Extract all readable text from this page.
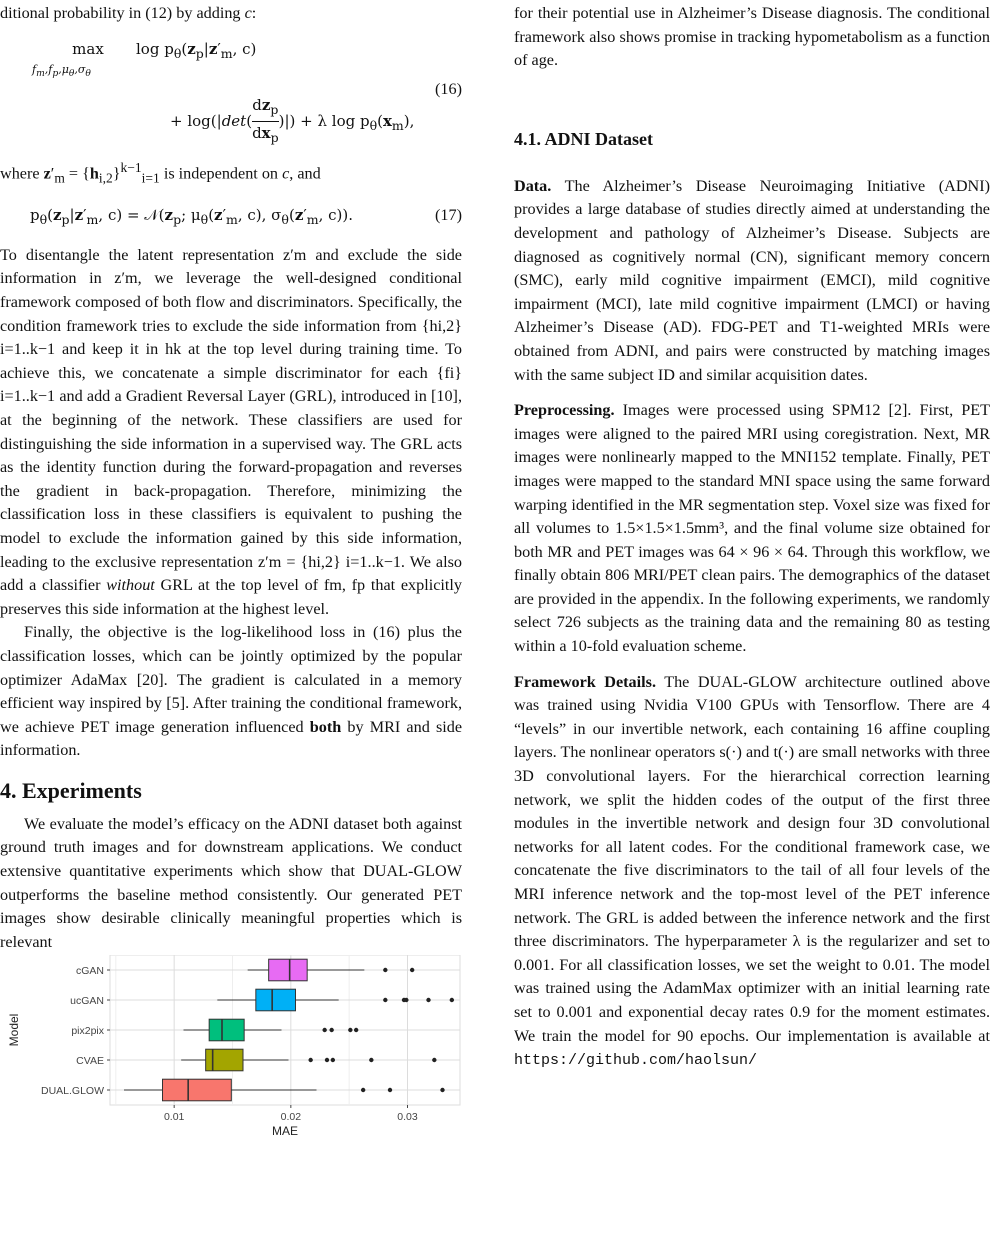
ditional probability in (12) by adding c:

max
$f_m,f_p,\mu_\theta,\sigma_\theta$
$\log p_\theta(z_p|z'_m$, c)
+ log(|det(
$dz_p$
$dx_p$
)|) + λ $\log p_\theta(x_m)$,
(16)

where $z'_m = \{h_{i,2}\}^{k-1}_{i=1}$ is independent on c, and

$p_\theta(z_p|z'_m$, $c) = 𝒩(z_p$; $\mu_\theta(z'_m$, c), $\sigma_\theta(z'_m$, c)).	(17)

To disentangle the latent representation z′m and exclude the side information in z′m, we leverage the well-designed conditional framework composed of both flow and discriminators. Specifically, the condition framework tries to exclude the side information from {hi,2} i=1..k−1 and keep it in hk at the top level during training time. To achieve this, we concatenate a simple discriminator for each {fi} i=1..k−1 and add a Gradient Reversal Layer (GRL), introduced in [10], at the beginning of the network. These classifiers are used for distinguishing the side information in a supervised way. The GRL acts as the identity function during the forward-propagation and reverses the gradient in back-propagation. Therefore, minimizing the classification loss in these classifiers is equivalent to pushing the model to exclude the information gained by this side information, leading to the exclusive representation z′m = {hi,2} i=1..k−1. We also add a classifier without GRL at the top level of fm, fp that explicitly preserves this side information at the highest level.

Finally, the objective is the log-likelihood loss in (16) plus the classification losses, which can be jointly optimized by the popular optimizer AdaMax [20]. The gradient is calculated in a memory efficient way inspired by [5]. After training the conditional framework, we achieve PET image generation influenced both by MRI and side information.

4. Experiments

We evaluate the model’s efficacy on the ADNI dataset both against ground truth images and for downstream applications. We conduct extensive quantitative experiments which show that DUAL-GLOW outperforms the baseline method consistently. Our generated PET images show desirable clinically meaningful properties which is relevant

cGAN
ucGAN
pix2pix
CVAE
DUAL.GLOW
0.01	0.02	0.03
MAE
Model

for their potential use in Alzheimer’s Disease diagnosis. The conditional framework also shows promise in tracking hypometabolism as a function of age.

4.1. ADNI Dataset

Data. The Alzheimer’s Disease Neuroimaging Initiative (ADNI) provides a large database of studies directly aimed at understanding the development and pathology of Alzheimer’s Disease. Subjects are diagnosed as cognitively normal (CN), significant memory concern (SMC), early mild cognitive impairment (EMCI), mild cognitive impairment (MCI), late mild cognitive impairment (LMCI) or having Alzheimer’s Disease (AD). FDG-PET and T1-weighted MRIs were obtained from ADNI, and pairs were constructed by matching images with the same subject ID and similar acquisition dates.

Preprocessing. Images were processed using SPM12 [2]. First, PET images were aligned to the paired MRI using coregistration. Next, MR images were nonlinearly mapped to the MNI152 template. Finally, PET images were mapped to the standard MNI space using the same forward warping identified in the MR segmentation step. Voxel size was fixed for all volumes to 1.5×1.5×1.5mm³, and the final volume size obtained for both MR and PET images was 64 × 96 × 64. Through this workflow, we finally obtain 806 MRI/PET clean pairs. The demographics of the dataset are provided in the appendix. In the following experiments, we randomly select 726 subjects as the training data and the remaining 80 as testing within a 10-fold evaluation scheme.

Framework Details. The DUAL-GLOW architecture outlined above was trained using Nvidia V100 GPUs with Tensorflow. There are 4 “levels” in our invertible network, each containing 16 affine coupling layers. The nonlinear operators s(·) and t(·) are small networks with three 3D convolutional layers. For the hierarchical correction learning network, we split the hidden codes of the output of the first three modules in the invertible network and design four 3D convolutional networks for all latent codes. For the conditional framework case, we concatenate the five discriminators to the tail of all four levels of the MRI inference network and the top-most level of the PET inference network. The GRL is added between the inference network and the first three discriminators. The hyperparameter λ is the regularizer and set to 0.001. For all classification losses, we set the weight to 0.01. The model was trained using the AdamMax optimizer with an initial learning rate set to 0.001 and exponential decay rates 0.9 for the moment estimates. We train the model for 90 epochs. Our implementation is available at https://github.com/haolsun/
